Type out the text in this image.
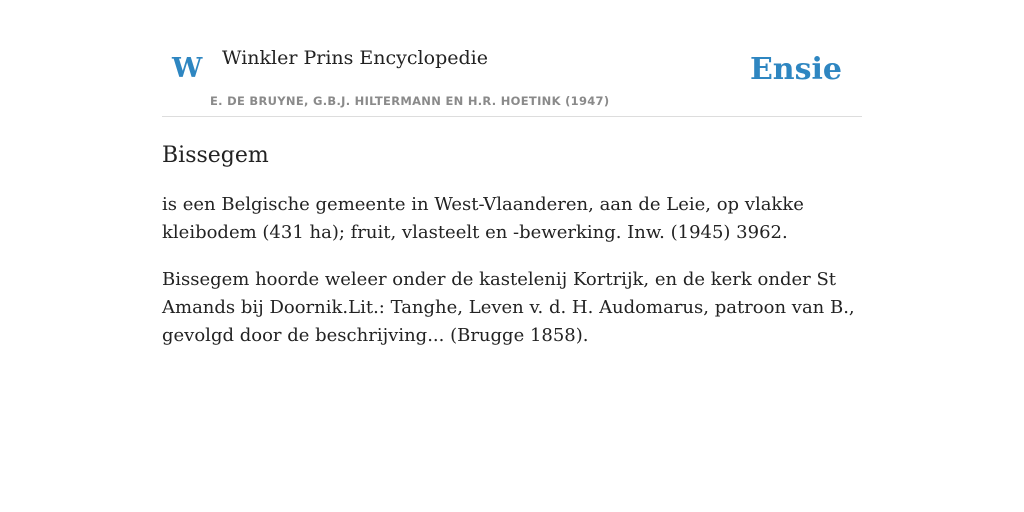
W Winkler Prins Encyclopedie
E. DE BRUYNE, G.B.J. HILTERMANN EN H.R. HOETINK (1947)
Ensie
Bissegem

is een Belgische gemeente in West-Vlaanderen, aan de Leie, op vlakke kleibodem (431 ha); fruit, vlasteelt en -bewerking. Inw. (1945) 3962.

Bissegem hoorde weleer onder de kastelenij Kortrijk, en de kerk onder St Amands bij Doornik.Lit.: Tanghe, Leven v. d. H. Audomarus, patroon van B., gevolgd door de beschrijving... (Brugge 1858).
